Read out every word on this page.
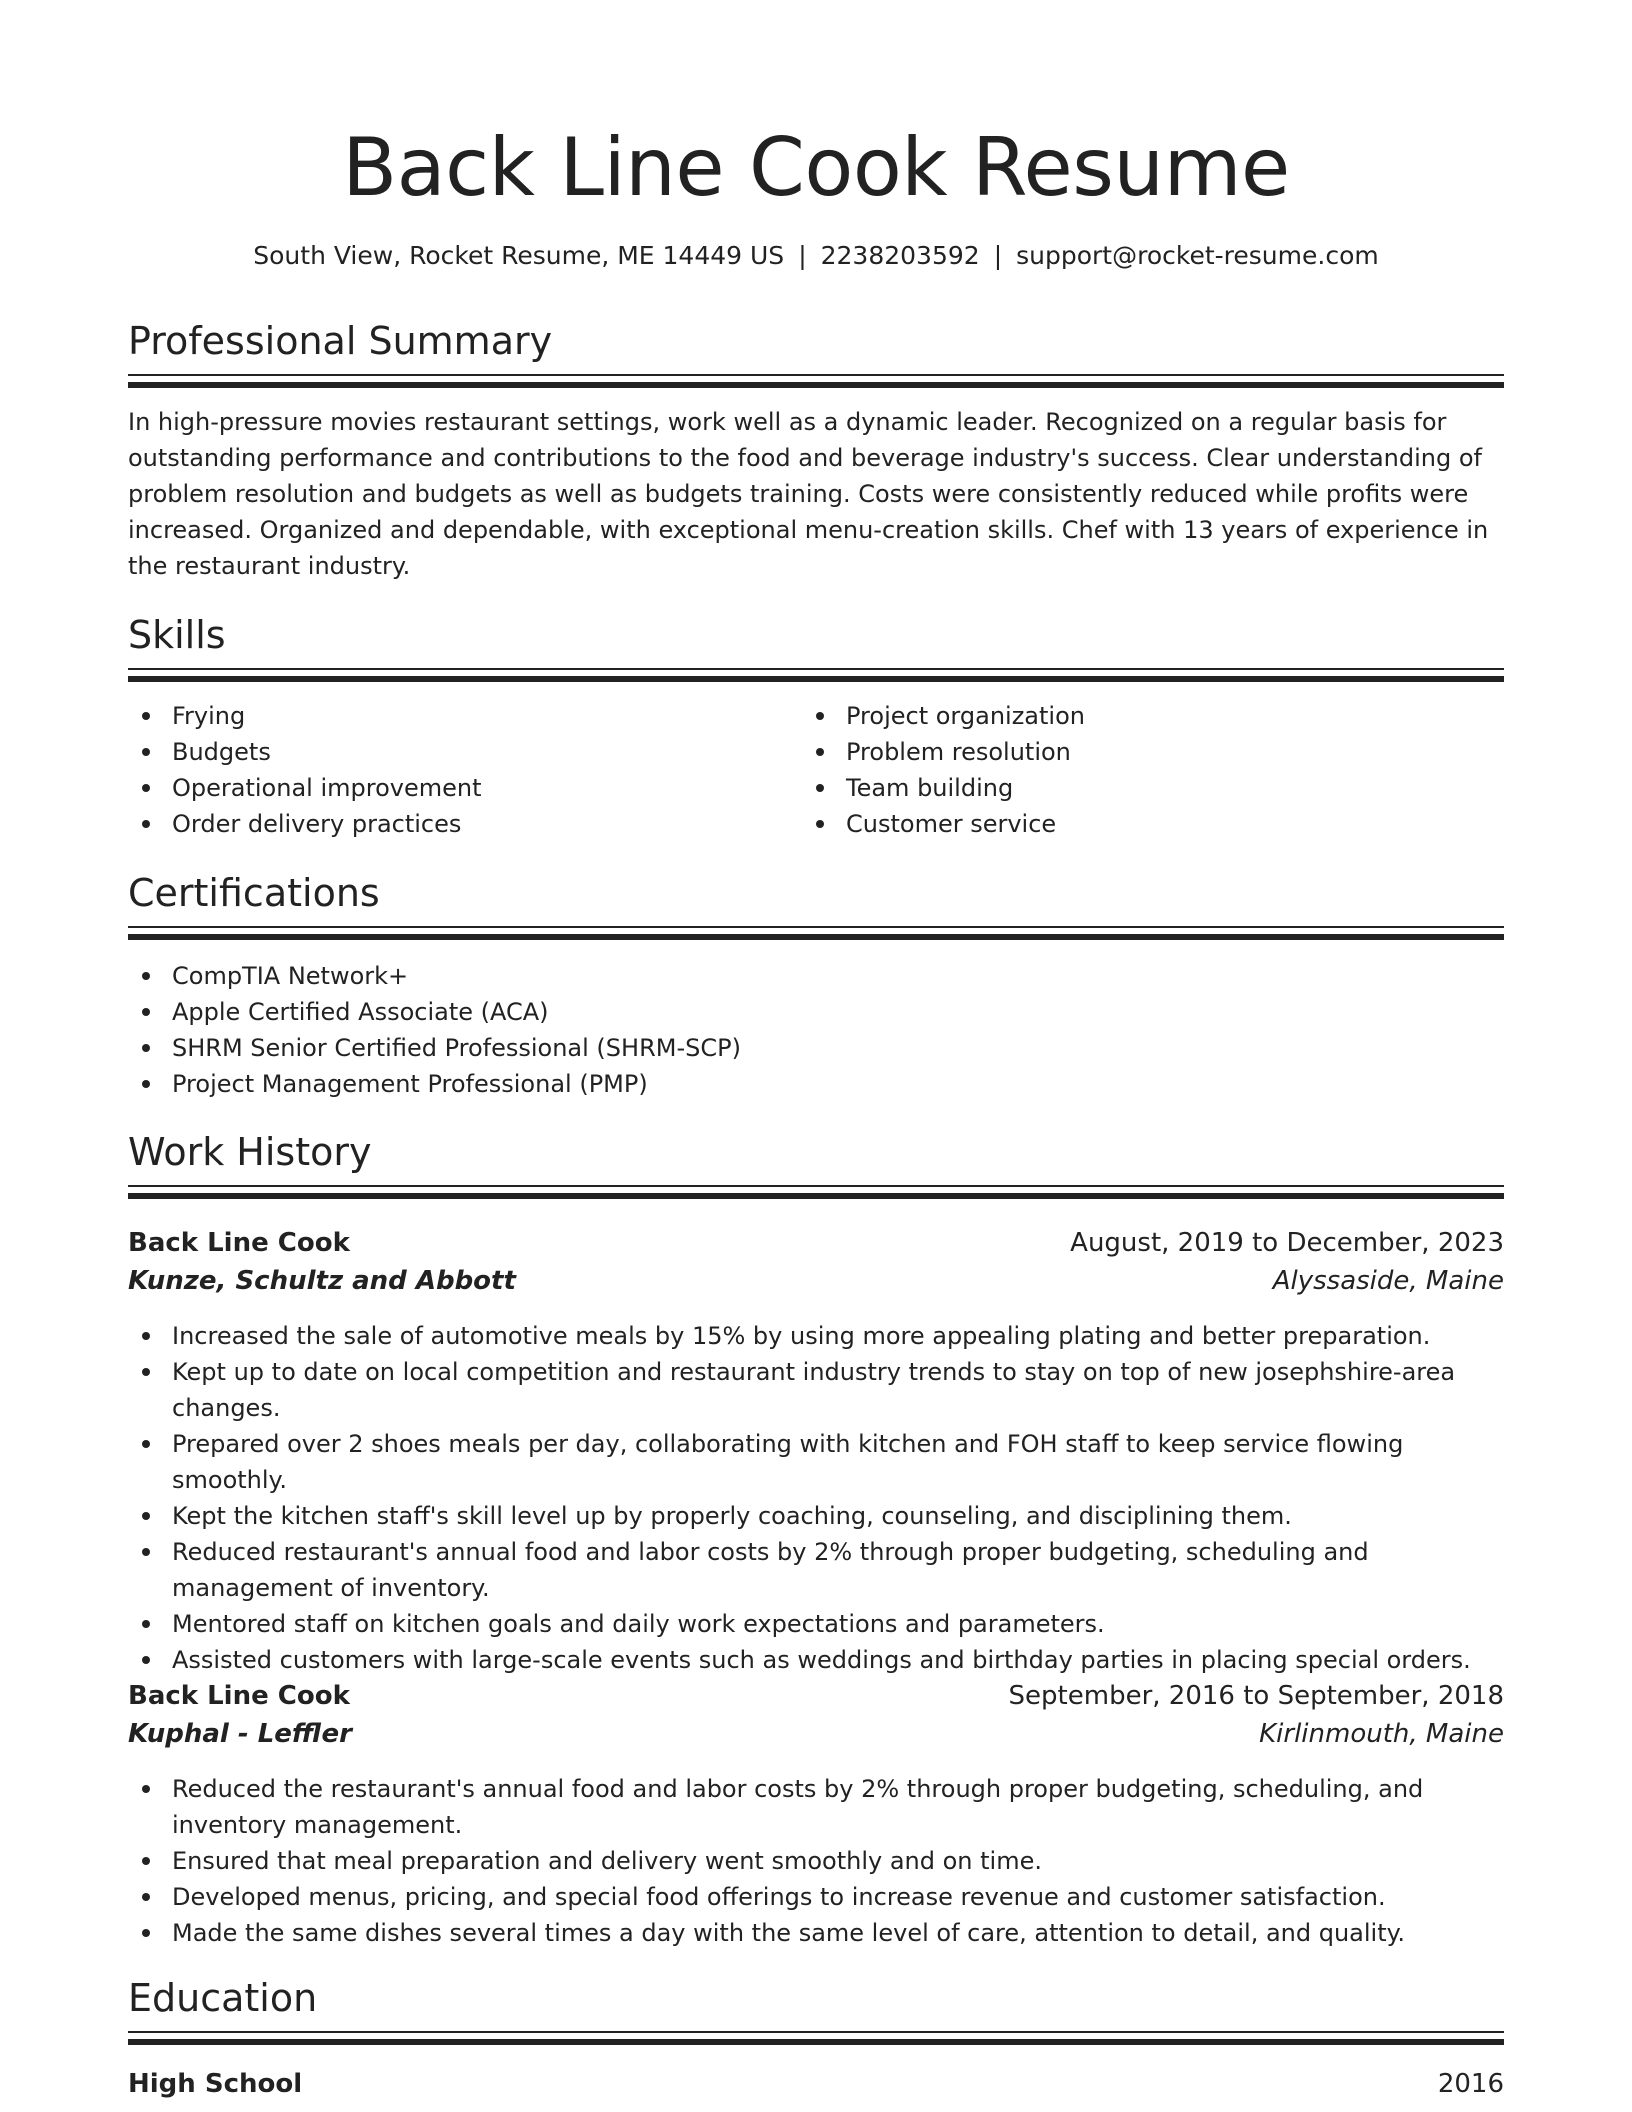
Back Line Cook Resume
South View, Rocket Resume, ME 14449 US | 2238203592 | support@rocket-resume.com
Professional Summary

In high-pressure movies restaurant settings, work well as a dynamic leader. Recognized on a regular basis for outstanding performance and contributions to the food and beverage industry's success. Clear understanding of problem resolution and budgets as well as budgets training. Costs were consistently reduced while profits were increased. Organized and dependable, with exceptional menu-creation skills. Chef with 13 years of experience in the restaurant industry.

Skills
Frying
Budgets
Operational improvement
Order delivery practices
Project organization
Problem resolution
Team building
Customer service
Certifications
CompTIA Network+
Apple Certified Associate (ACA)
SHRM Senior Certified Professional (SHRM-SCP)
Project Management Professional (PMP)
Work History
Back Line Cook	August, 2019 to December, 2023
Kunze, Schultz and Abbott	Alyssaside, Maine
Increased the sale of automotive meals by 15% by using more appealing plating and better preparation.
Kept up to date on local competition and restaurant industry trends to stay on top of new josephshire-area changes.
Prepared over 2 shoes meals per day, collaborating with kitchen and FOH staff to keep service flowing smoothly.
Kept the kitchen staff's skill level up by properly coaching, counseling, and disciplining them.
Reduced restaurant's annual food and labor costs by 2% through proper budgeting, scheduling and management of inventory.
Mentored staff on kitchen goals and daily work expectations and parameters.
Assisted customers with large-scale events such as weddings and birthday parties in placing special orders.
Back Line Cook	September, 2016 to September, 2018
Kuphal - Leffler	Kirlinmouth, Maine
Reduced the restaurant's annual food and labor costs by 2% through proper budgeting, scheduling, and inventory management.
Ensured that meal preparation and delivery went smoothly and on time.
Developed menus, pricing, and special food offerings to increase revenue and customer satisfaction.
Made the same dishes several times a day with the same level of care, attention to detail, and quality.
Education
High School	2016
